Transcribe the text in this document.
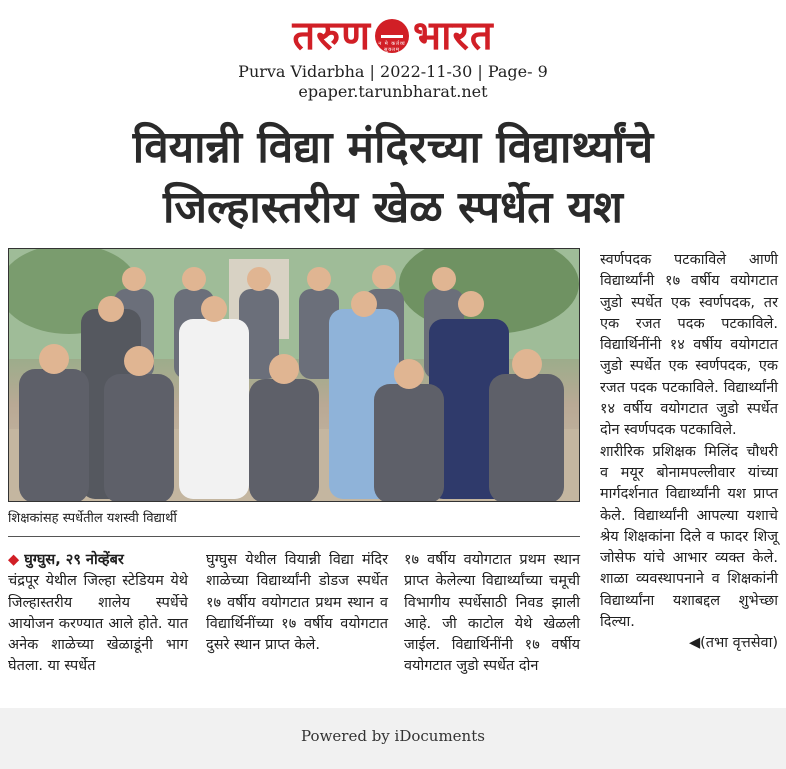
तरुण न मे कर्तव्यं सूक्तम् भारत
Purva Vidarbha | 2022-11-30 | Page- 9
epaper.tarunbharat.net
वियान्नी विद्या मंदिरच्या विद्यार्थ्यांचे
जिल्हास्तरीय खेळ स्पर्धेत यश
शिक्षकांसह स्पर्धेतील यशस्वी विद्यार्थी
◆ घुग्घुस, २९ नोव्हेंबर
चंद्रपूर येथील जिल्हा स्टेडियम येथे जिल्हास्तरीय शालेय स्पर्धेचे आयोजन करण्यात आले होते. यात अनेक शाळेच्या खेळाडूंनी भाग घेतला. या स्पर्धेत
घुग्घुस येथील वियान्नी विद्या मंदिर शाळेच्या विद्यार्थ्यांनी डोडज स्पर्धेत १७ वर्षीय वयोगटात प्रथम स्थान व विद्यार्थिनींच्या १७ वर्षीय वयोगटात दुसरे स्थान प्राप्त केले.
१७ वर्षीय वयोगटात प्रथम स्थान प्राप्त केलेल्या विद्यार्थ्यांच्या चमूची विभागीय स्पर्धेसाठी निवड झाली आहे. जी काटोल येथे खेळली जाईल. विद्यार्थिनींनी १७ वर्षीय वयोगटात जुडो स्पर्धेत दोन
स्वर्णपदक पटकाविले आणी विद्यार्थ्यांनी १७ वर्षीय वयोगटात जुडो स्पर्धेत एक स्वर्णपदक, तर एक रजत पदक पटकाविले. विद्यार्थिनींनी १४ वर्षीय वयोगटात जुडो स्पर्धेत एक स्वर्णपदक, एक रजत पदक पटकाविले. विद्यार्थ्यांनी १४ वर्षीय वयोगटात जुडो स्पर्धेत दोन स्वर्णपदक पटकाविले.
शारीरिक प्रशिक्षक मिलिंद चौधरी व मयूर बोनामपल्लीवार यांच्या मार्गदर्शनात विद्यार्थ्यांनी यश प्राप्त केले. विद्यार्थ्यांनी आपल्या यशाचे श्रेय शिक्षकांना दिले व फादर शिजू जोसेफ यांचे आभार व्यक्त केले. शाळा व्यवस्थापनाने व शिक्षकांनी विद्यार्थ्यांना यशाबद्दल शुभेच्छा दिल्या.
◀(तभा वृत्तसेवा)
Powered by iDocuments
